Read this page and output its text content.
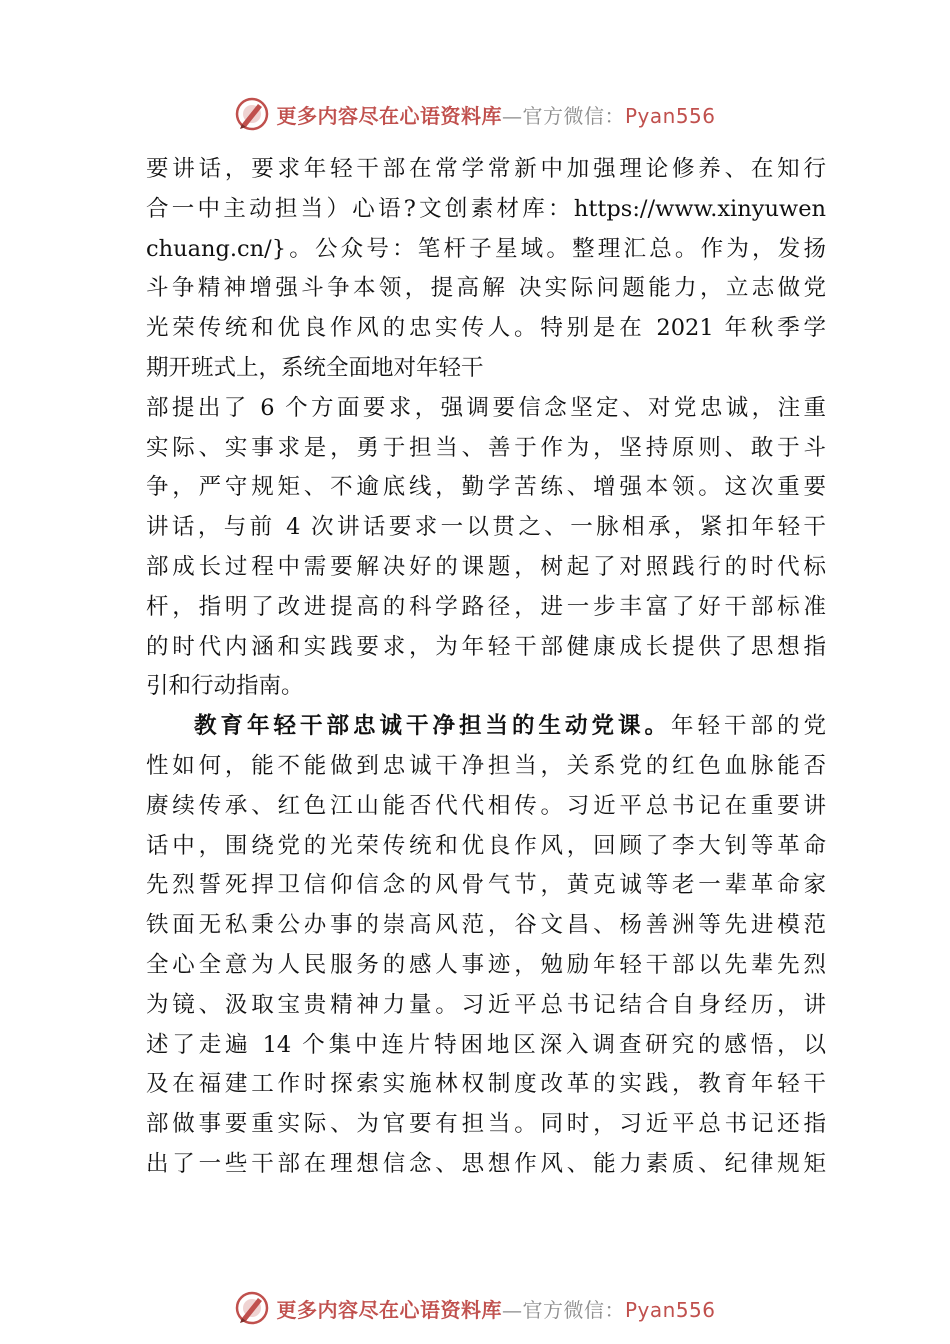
更多内容尽在心语资料库—官方微信：Pyan556
要讲话，要求年轻干部在常学常新中加强理论修养、在知行
合一中主动担当）心语?文创素材库：https://www.xinyuwen
chuang.cn/}。公众号：笔杆子星域。整理汇总。作为，发扬
斗争精神增强斗争本领，提高解 决实际问题能力，立志做党
光荣传统和优良作风的忠实传人。特别是在 2021 年秋季学
期开班式上，系统全面地对年轻干
部提出了 6 个方面要求，强调要信念坚定、对党忠诚，注重
实际、实事求是，勇于担当、善于作为，坚持原则、敢于斗
争，严守规矩、不逾底线，勤学苦练、增强本领。这次重要
讲话，与前 4 次讲话要求一以贯之、一脉相承，紧扣年轻干
部成长过程中需要解决好的课题，树起了对照践行的时代标
杆，指明了改进提高的科学路径，进一步丰富了好干部标准
的时代内涵和实践要求，为年轻干部健康成长提供了思想指
引和行动指南。
教育年轻干部忠诚干净担当的生动党课。年轻干部的党
性如何，能不能做到忠诚干净担当，关系党的红色血脉能否
赓续传承、红色江山能否代代相传。习近平总书记在重要讲
话中，围绕党的光荣传统和优良作风，回顾了李大钊等革命
先烈誓死捍卫信仰信念的风骨气节，黄克诚等老一辈革命家
铁面无私秉公办事的崇高风范，谷文昌、杨善洲等先进模范
全心全意为人民服务的感人事迹，勉励年轻干部以先辈先烈
为镜、汲取宝贵精神力量。习近平总书记结合自身经历，讲
述了走遍 14 个集中连片特困地区深入调查研究的感悟，以
及在福建工作时探索实施林权制度改革的实践，教育年轻干
部做事要重实际、为官要有担当。同时，习近平总书记还指
出了一些干部在理想信念、思想作风、能力素质、纪律规矩
更多内容尽在心语资料库—官方微信：Pyan556
